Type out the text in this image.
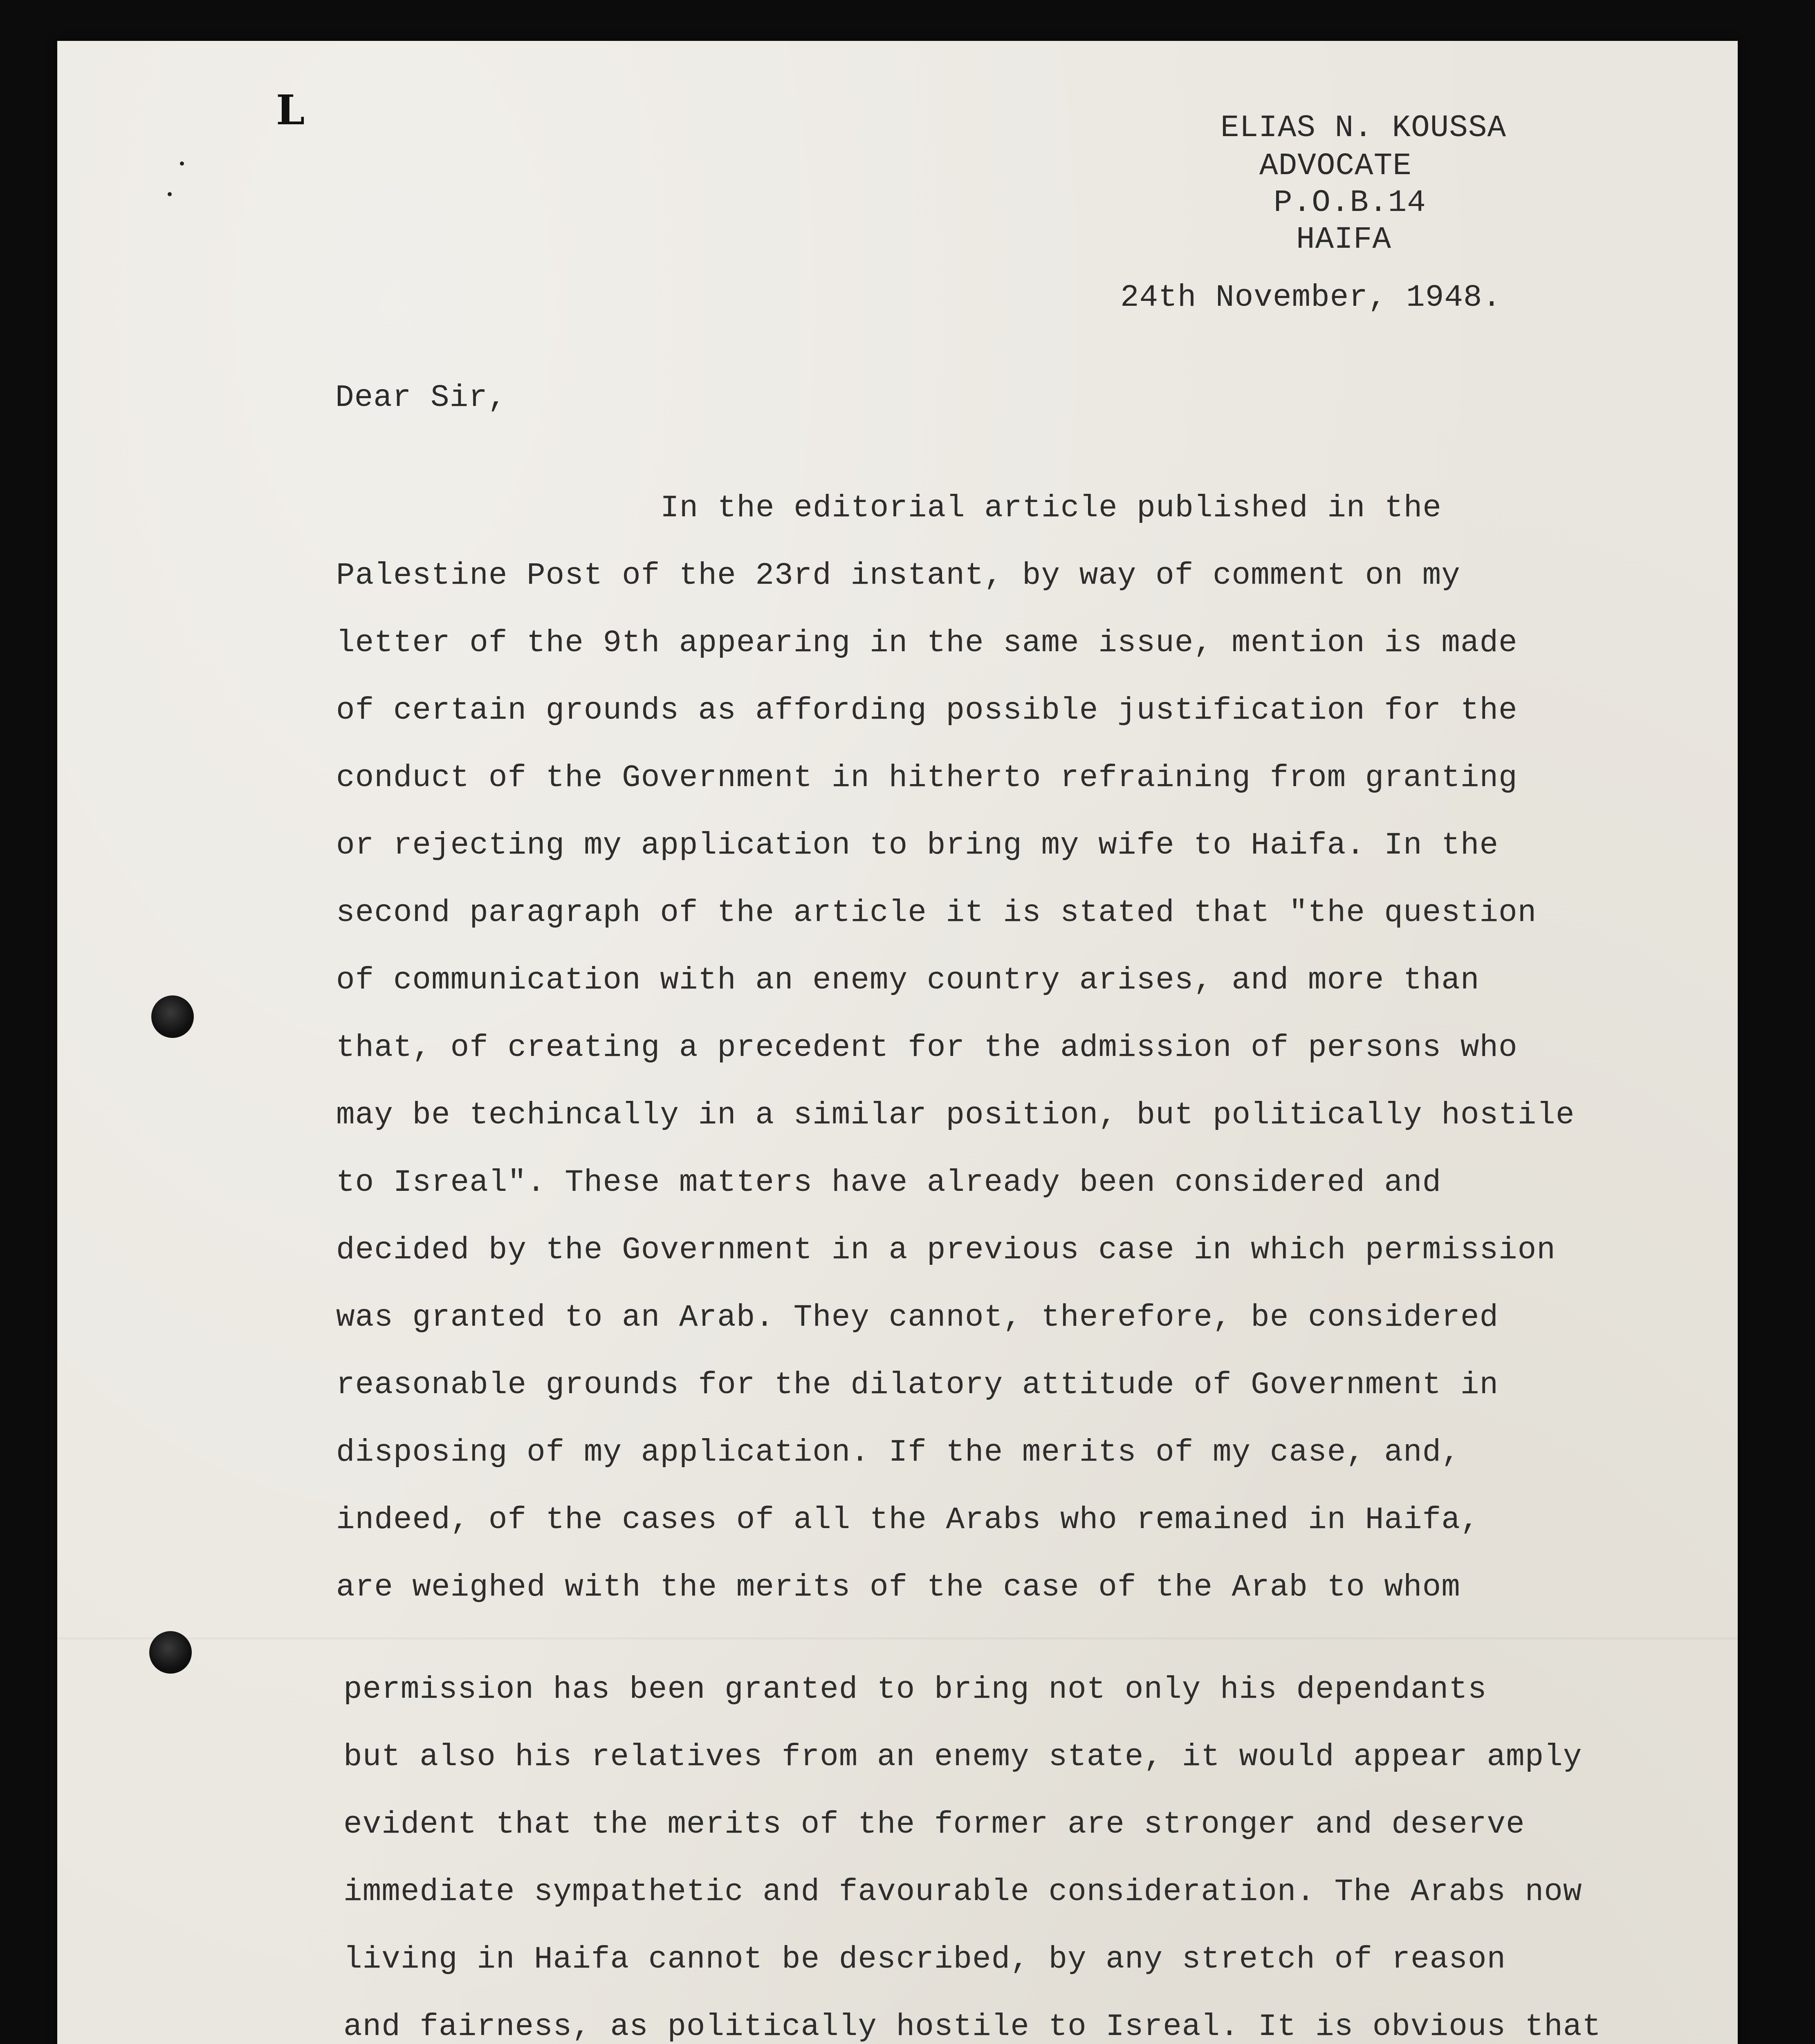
L	ELIAS N. KOUSSA
ADVOCATE
P.O.B.14
HAIFA
24th November, 1948.
Dear Sir,
In the editorial article published in the
Palestine Post of the 23rd instant, by way of comment on my
letter of the 9th appearing in the same issue, mention is made
of certain grounds as affording possible justification for the
conduct of the Government in hitherto refraining from granting
or rejecting my application to bring my wife to Haifa. In the
second paragraph of the article it is stated that "the question
of communication with an enemy country arises, and more than
that, of creating a precedent for the admission of persons who
may be techincally in a similar position, but politically hostile
to Isreal". These matters have already been considered and
decided by the Government in a previous case in which permission
was granted to an Arab. They cannot, therefore, be considered
reasonable grounds for the dilatory attitude of Government in
disposing of my application. If the merits of my case, and,
indeed, of the cases of all the Arabs who remained in Haifa,
are weighed with the merits of the case of the Arab to whom
permission has been granted to bring not only his dependants
but also his relatives from an enemy state, it would appear amply
evident that the merits of the former are stronger and deserve
immediate sympathetic and favourable consideration. The Arabs now
living in Haifa cannot be described, by any stretch of reason
and fairness, as politically hostile to Isreal. It is obvious that
